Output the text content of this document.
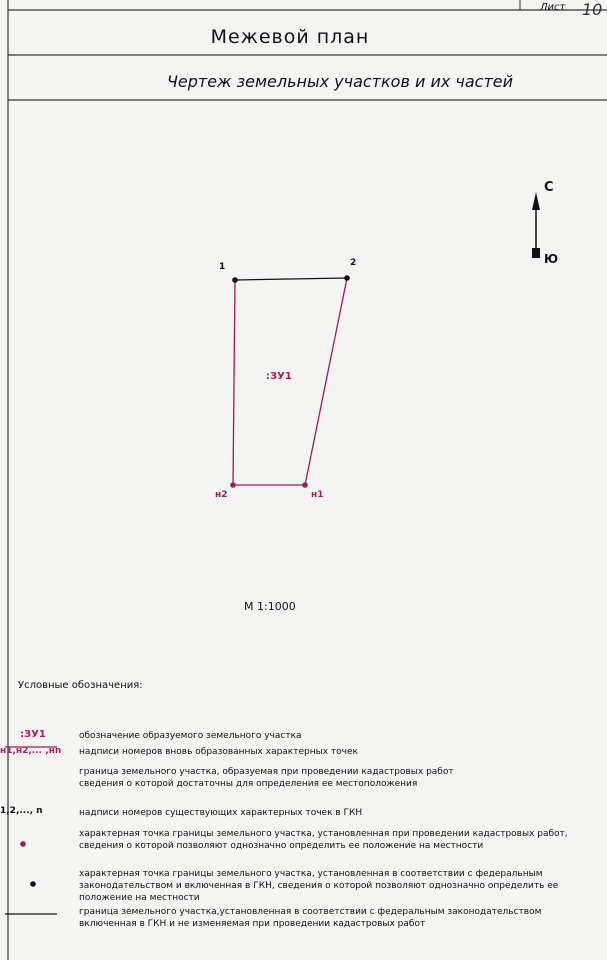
Лист 10
Межевой план
Чертеж земельных участков и их частей
С
Ю
1	2
н2	н1
:ЗУ1
М 1:1000
Условные обозначения:
:ЗУ1	обозначение образуемого земельного участка
н1,н2,... ,нn надписи номеров вновь образованных характерных точек
граница земельного участка, образуемая при проведении кадастровых работ сведения о которой достаточны для определения ее местоположения
1,2,..., n	надписи номеров существующих характерных точек в ГКН
характерная точка границы земельного участка, установленная при проведении кадастровых работ, сведения о которой позволяют однозначно определить ее положение на местности
характерная точка границы земельного участка, установленная в соответствии с федеральным законодательством и включенная в ГКН, сведения о которой позволяют однозначно определить ее положение на местности
граница земельного участка,установленная в соответствии с федеральным законодательством включенная в ГКН и не изменяемая при проведении кадастровых работ
